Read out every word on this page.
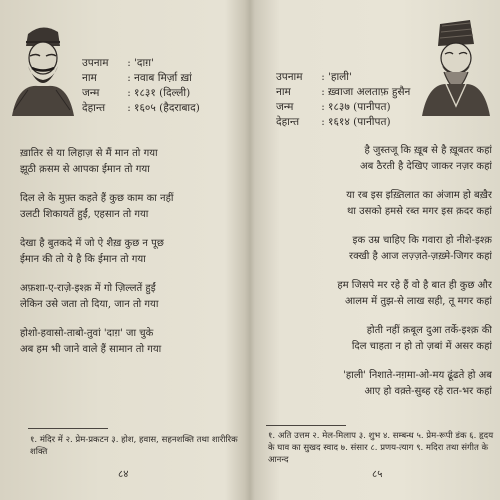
उपनाम	: 'दाग़'
नाम	: नवाब मिर्ज़ा ख़ां
जन्म	: १८३१ (दिल्ली)
देहान्त	: १६०५ (हैदराबाद)
ख़ातिर से या लिहाज़ से मैं मान तो गया
झूठी क़सम से आपका ईमान तो गया
दिल ले के मुफ़्त कहते हैं कुछ काम का नहीं
उलटी शिकायतें हुईं, एहसान तो गया
देखा है बुतकदे में जो ऐ शैख़ कुछ न पूछ
ईमान की तो ये है कि ईमान तो गया
अफ़शा-ए-राज़े-इश्क़ में गो ज़िल्लतें हुईं
लेकिन उसे जता तो दिया, जान तो गया
होशो-हवासो-ताबो-तुवां 'दाग़' जा चुके
अब हम भी जाने वाले हैं सामान तो गया
१. मंदिर में २. प्रेम-प्रकटन ३. होश, हवास, सहनशक्ति तथा शारीरिक शक्ति
८४
उपनाम	: 'हाली'
नाम	: ख़्वाजा अलताफ़ हुसैन
जन्म	: १८३७ (पानीपत)
देहान्त	: १६१४ (पानीपत)
है जुस्तजू कि ख़ूब से है ख़ूबतर कहां
अब ठैरती है देखिए जाकर नज़र कहां
या रब इस इख़्तिलात का अंजाम हो बख़ैर
था उसको हमसे रब्त मगर इस क़दर कहां
इक उम्र चाहिए कि गवारा हो नीशे-इश्क़
रक्खी है आज लज़्ज़ते-ज़ख़्मे-जिगर कहां
हम जिसपे मर रहे हैं वो है बात ही कुछ और
आलम में तुझ-से लाख सही, तू मगर कहां
होती नहीं क़बूल दुआ तर्के-इश्क़ की
दिल चाहता न हो तो ज़बां में असर कहां
'हाली' निशाते-नग़मा-ओ-मय ढूंढते हो अब
आए हो वक़्ते-सुब्ह रहे रात-भर कहां
१. अति उत्तम २. मेल-मिलाप ३. शुभ ४. सम्बन्ध ५. प्रेम-रूपी डंक ६. हृदय के घाव का सुखद स्वाद ७. संसार ८. प्रणय-त्याग ९. मदिरा तथा संगीत के आनन्द
८५
